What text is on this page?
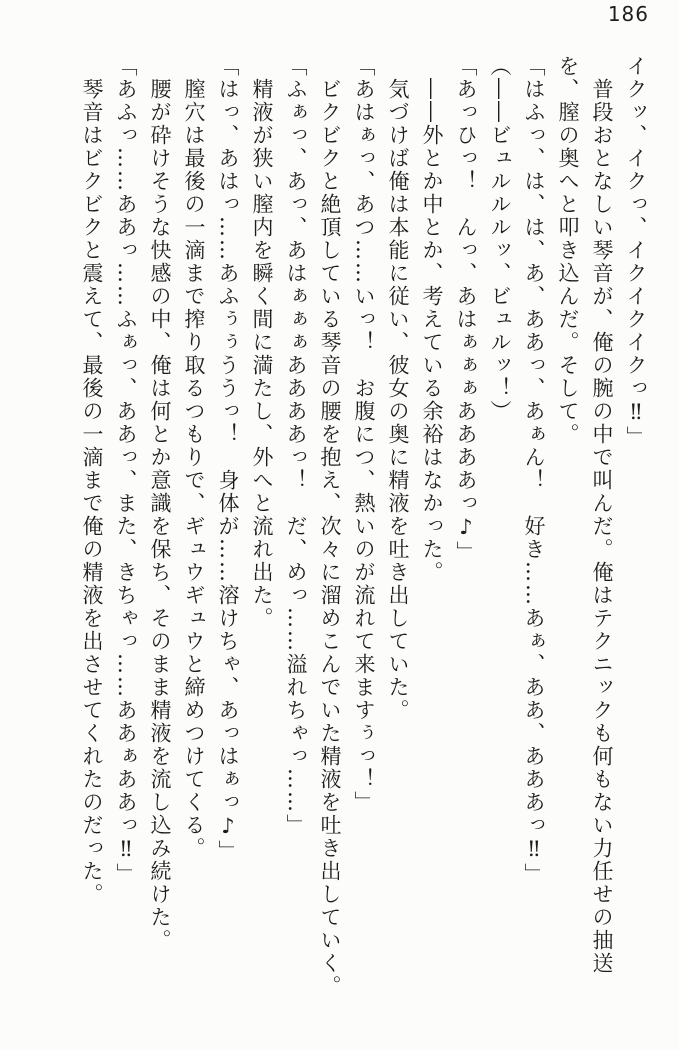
186

イクッ、イクっ、イクイクイクっ‼」

普段おとなしい琴音が、俺の腕の中で叫んだ。俺はテクニックも何もない力任せの抽送

を、膣の奥へと叩き込んだ。そして。

「はふっ、は、は、あ、ああっ、あぁん！　好き……あぁ、ああ、あああっ‼」

（――ビュルルルッ、ビュルッ！）

「あっひっ！　んっ、あはぁぁぁああああっ♪」

――外とか中とか、考えている余裕はなかった。

気づけば俺は本能に従い、彼女の奥に精液を吐き出していた。

「あはぁっ、あつ……いっ！　お腹につ、熱いのが流れて来ますぅっ！」

ビクビクと絶頂している琴音の腰を抱え、次々に溜めこんでいた精液を吐き出していく。

「ふぁっ、あっ、あはぁぁぁああああっ！　だ、めっ……溢れちゃっ……」

精液が狭い膣内を瞬く間に満たし、外へと流れ出た。

「はっ、あはっ……あふぅぅううっ！　身体が……溶けちゃ、あっはぁっ♪」

膣穴は最後の一滴まで搾り取るつもりで、ギュウギュウと締めつけてくる。

腰が砕けそうな快感の中、俺は何とか意識を保ち、そのまま精液を流し込み続けた。

「あふっ……ああっ……ふぁっ、ああっ、また、きちゃっ……ああぁああっ‼」

琴音はビクビクと震えて、最後の一滴まで俺の精液を出させてくれたのだった。
